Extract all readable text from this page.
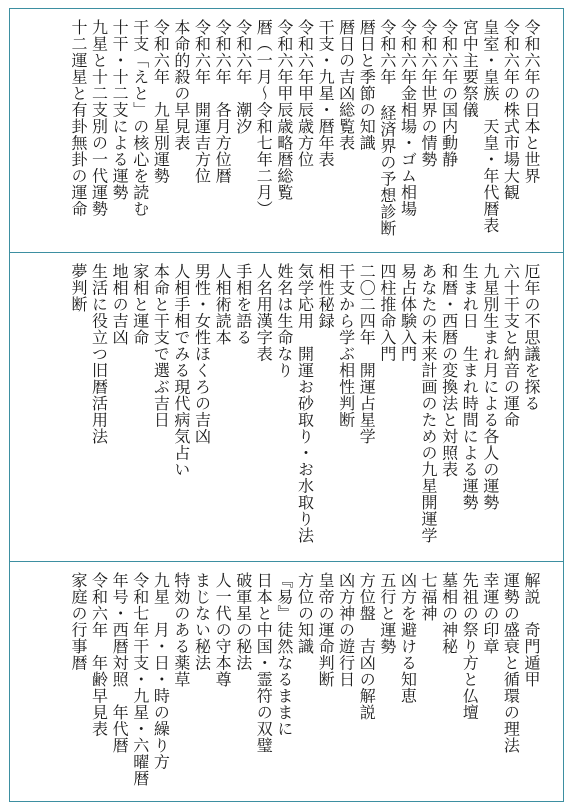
令和六年の日本と世界
令和六年の株式市場大観
皇室・皇族　天皇・年代暦表
宮中主要祭儀
令和六年の国内動静
令和六年世界の情勢
令和六年金相場・ゴム相場
令和六年 経済界の予想診断
暦日と季節の知識
暦日の吉凶総覧表
干支・九星・暦年表
令和六年甲辰歳方位
令和六年甲辰歳略暦総覧
暦（一月〜令和七年二月）
令和六年　潮汐
令和六年　各月方位暦
令和六年　開運吉方位
本命的殺の早見表
令和六年　九星別運勢
干支「えと」の核心を読む
十干・十二支による運勢
九星と十二支別の一代運勢
十二運星と有卦無卦の運命
厄年の不思議を探る
六十干支と納音の運命
九星別生まれ月による各人の運勢
生まれ日　生まれ時間による運勢
和暦・西暦の変換法と対照表
あなたの未来計画のための九星開運学
易占体験入門
四柱推命入門
二〇二四年　開運占星学
干支から学ぶ相性判断
相性秘録
気学応用　開運お砂取り・お水取り法
姓名は生命なり
人名用漢字表
手相を語る
人相術読本
男性・女性ほくろの吉凶
人相手相でみる現代病気占い
本命と干支で選ぶ吉日
家相と運命
地相の吉凶
生活に役立つ旧暦活用法
夢判断
解説　奇門遁甲
運勢の盛衰と循環の理法
幸運の印章
先祖の祭り方と仏壇
墓相の神秘
七福神
凶方を避ける知恵
五行と運勢
方位盤　吉凶の解説
凶方神の遊行日
皇帝の運命判断
方位の知識
『易』徒然なるままに
日本と中国・霊符の双璧
破軍星の秘法
人一代の守本尊
まじない秘法
特効のある薬草
九星　月・日・時の繰り方
令和七年干支・九星・六曜暦
年号・西暦対照　年代暦
令和六年　年齢早見表
家庭の行事暦
